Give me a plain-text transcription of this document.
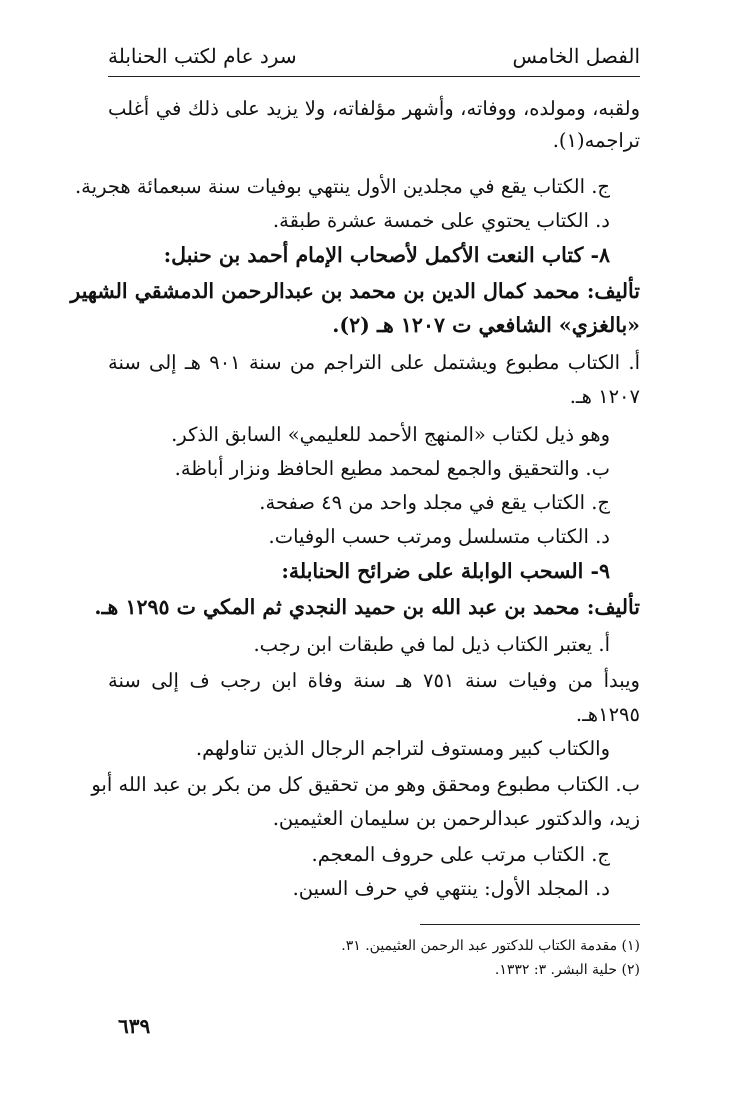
الفصل الخامس
سرد عام لكتب الحنابلة
ولقبه، ومولده، ووفاته، وأشهر مؤلفاته، ولا يزيد على ذلك في أغلب
تراجمه(١).
ج. الكتاب يقع في مجلدين الأول ينتهي بوفيات سنة سبعمائة هجرية.
د. الكتاب يحتوي على خمسة عشرة طبقة.
٨- كتاب النعت الأكمل لأصحاب الإمام أحمد بن حنبل:
تأليف: محمد كمال الدين بن محمد بن عبدالرحمن الدمشقي الشهير
«بالغزي» الشافعي ت ١٢٠٧ هـ (٢).
أ. الكتاب مطبوع ويشتمل على التراجم من سنة ٩٠١ هـ إلى سنة
١٢٠٧ هـ.
وهو ذيل لكتاب «المنهج الأحمد للعليمي» السابق الذكر.
ب. والتحقيق والجمع لمحمد مطيع الحافظ ونزار أباظة.
ج. الكتاب يقع في مجلد واحد من ٤٩ صفحة.
د. الكتاب متسلسل ومرتب حسب الوفيات.
٩- السحب الوابلة على ضرائح الحنابلة:
تأليف: محمد بن عبد الله بن حميد النجدي ثم المكي ت ١٢٩٥ هـ.
أ. يعتبر الكتاب ذيل لما في طبقات ابن رجب.
ويبدأ من وفيات سنة ٧٥١ هـ سنة وفاة ابن رجب ف إلى سنة
١٢٩٥هـ.
والكتاب كبير ومستوف لتراجم الرجال الذين تناولهم.
ب. الكتاب مطبوع ومحقق وهو من تحقيق كل من بكر بن عبد الله أبو
زيد، والدكتور عبدالرحمن بن سليمان العثيمين.
ج. الكتاب مرتب على حروف المعجم.
د. المجلد الأول: ينتهي في حرف السين.
(١) مقدمة الكتاب للدكتور عبد الرحمن العثيمين. ٣١.
(٢) حلية البشر. ٣: ١٣٣٢.
٦٣٩
